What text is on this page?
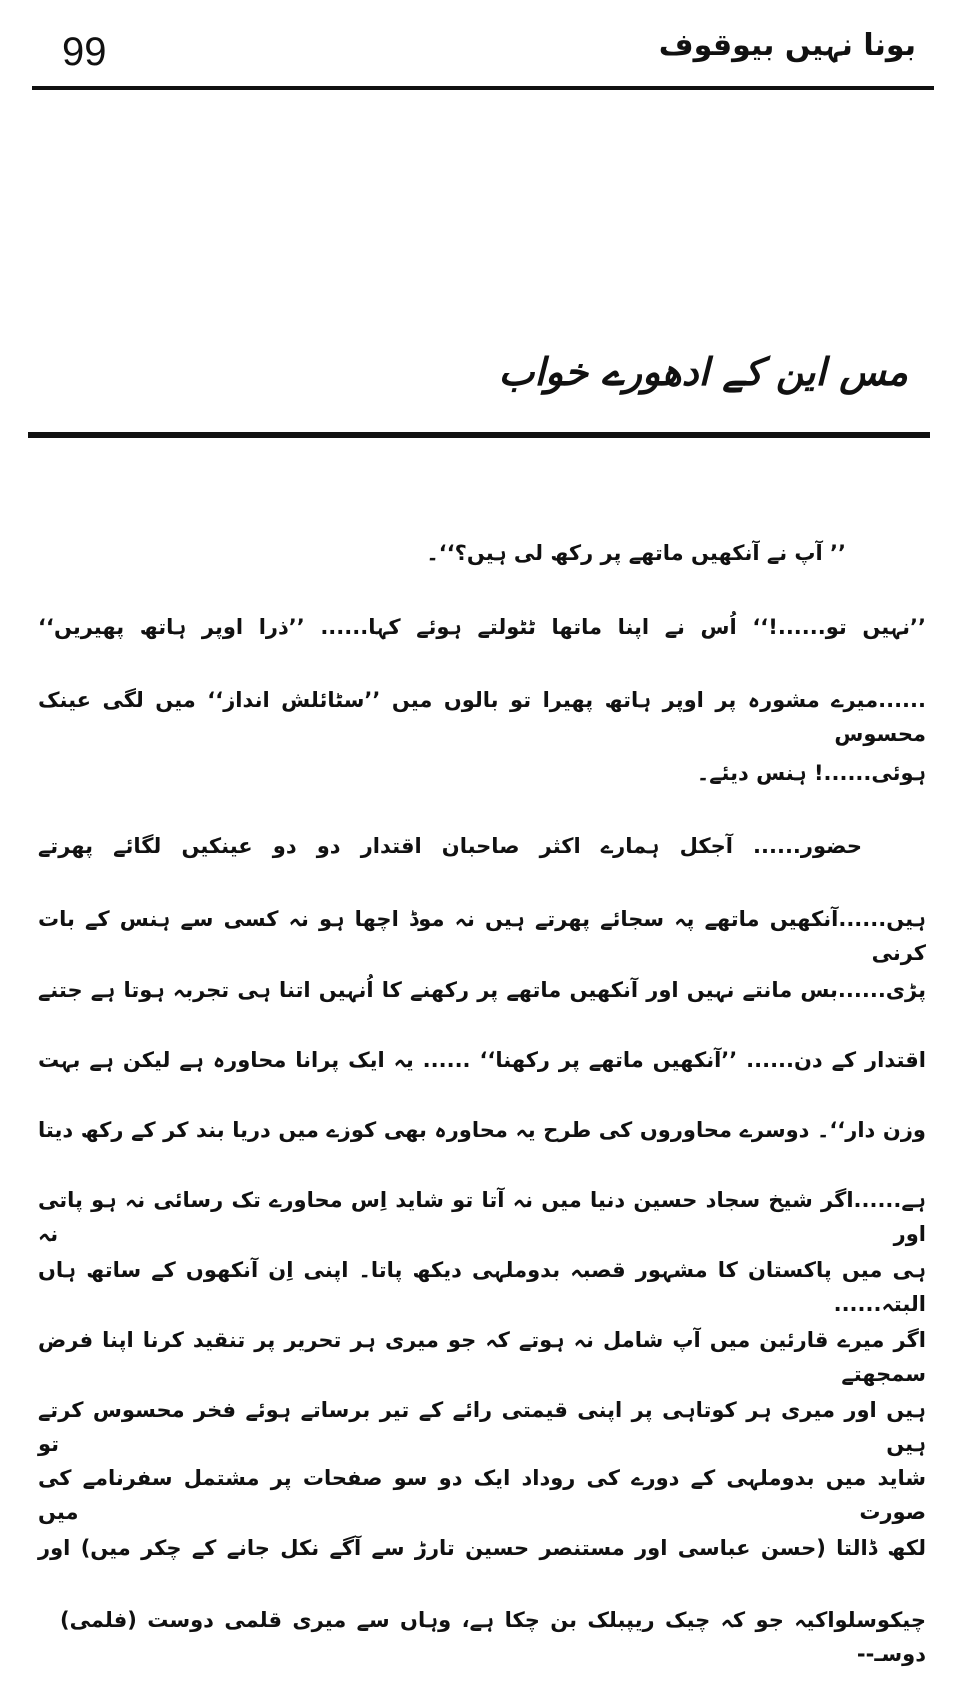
99	بونا نہیں بیوقوف
مس این کے ادھورے خواب
’’ آپ نے آنکھیں ماتھے پر رکھ لی ہیں؟‘‘۔
’’نہیں تو......!‘‘ اُس نے اپنا ماتھا ٹٹولتے ہوئے کہا...... ’’ذرا اوپر ہاتھ پھیریں‘‘
......میرے مشورہ پر اوپر ہاتھ پھیرا تو بالوں میں ’’سٹائلش انداز‘‘ میں لگی عینک محسوس
ہوئی......! ہنس دیئے۔
حضور...... آجکل ہمارے اکثر صاحبان اقتدار دو دو عینکیں لگائے پھرتے
ہیں......آنکھیں ماتھے پہ سجائے پھرتے ہیں نہ موڈ اچھا ہو نہ کسی سے ہنس کے بات کرنی
پڑی......بس مانتے نہیں اور آنکھیں ماتھے پر رکھنے کا اُنہیں اتنا ہی تجربہ ہوتا ہے جتنے
اقتدار کے دن...... ’’آنکھیں ماتھے پر رکھنا‘‘ ...... یہ ایک پرانا محاورہ ہے لیکن ہے بہت
وزن دار‘‘۔ دوسرے محاوروں کی طرح یہ محاورہ بھی کوزے میں دریا بند کر کے رکھ دیتا
ہے......اگر شیخ سجاد حسین دنیا میں نہ آتا تو شاید اِس محاورے تک رسائی نہ ہو پاتی اور نہ
ہی میں پاکستان کا مشہور قصبہ بدوملہی دیکھ پاتا۔ اپنی اِن آنکھوں کے ساتھ ہاں البتہ......
اگر میرے قارئین میں آپ شامل نہ ہوتے کہ جو میری ہر تحریر پر تنقید کرنا اپنا فرض سمجھتے
ہیں اور میری ہر کوتاہی پر اپنی قیمتی رائے کے تیر برساتے ہوئے فخر محسوس کرتے ہیں تو
شاید میں بدوملہی کے دورے کی روداد ایک دو سو صفحات پر مشتمل سفرنامے کی صورت میں
لکھ ڈالتا (حسن عباسی اور مستنصر حسین تارڑ سے آگے نکل جانے کے چکر میں) اور
چیکوسلواکیہ جو کہ چیک ریپبلک بن چکا ہے، وہاں سے میری قلمی دوست (فلمی) دوسـ--
